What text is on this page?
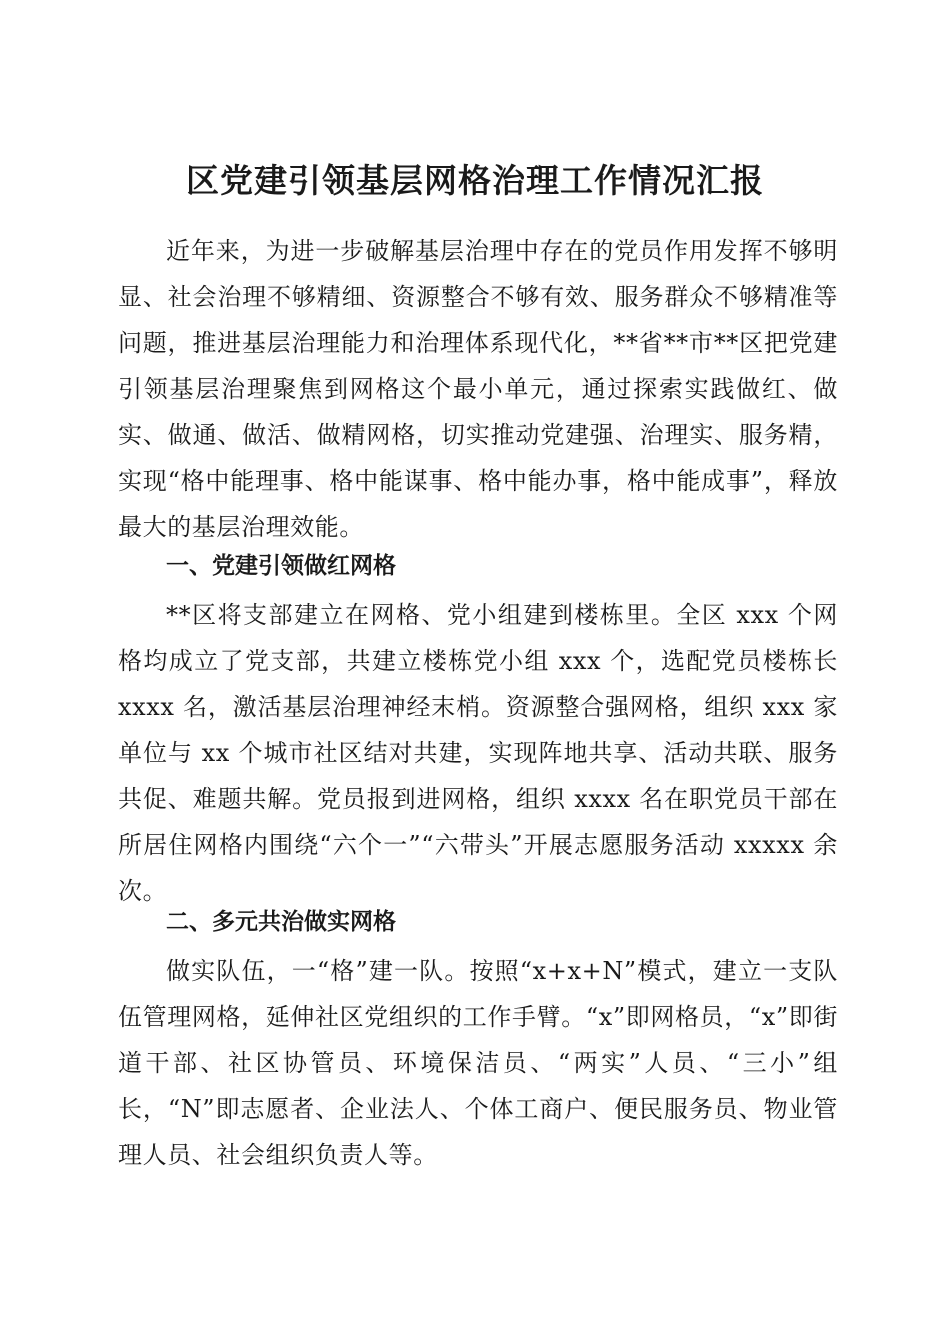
区党建引领基层网格治理工作情况汇报

近年来，为进一步破解基层治理中存在的党员作用发挥不够明显、社会治理不够精细、资源整合不够有效、服务群众不够精准等问题，推进基层治理能力和治理体系现代化，**省**市**区把党建引领基层治理聚焦到网格这个最小单元，通过探索实践做红、做实、做通、做活、做精网格，切实推动党建强、治理实、服务精，实现“格中能理事、格中能谋事、格中能办事，格中能成事”，释放最大的基层治理效能。

一、党建引领做红网格

**区将支部建立在网格、党小组建到楼栋里。全区 xxx 个网格均成立了党支部，共建立楼栋党小组 xxx 个，选配党员楼栋长 xxxx 名，激活基层治理神经末梢。资源整合强网格，组织 xxx 家单位与 xx 个城市社区结对共建，实现阵地共享、活动共联、服务共促、难题共解。党员报到进网格，组织 xxxx 名在职党员干部在所居住网格内围绕“六个一”“六带头”开展志愿服务活动 xxxxx 余次。

二、多元共治做实网格

做实队伍，一“格”建一队。按照“x+x+N”模式，建立一支队伍管理网格，延伸社区党组织的工作手臂。“x”即网格员，“x”即街道干部、社区协管员、环境保洁员、“两实”人员、“三小”组长，“N”即志愿者、企业法人、个体工商户、便民服务员、物业管理人员、社会组织负责人等。
